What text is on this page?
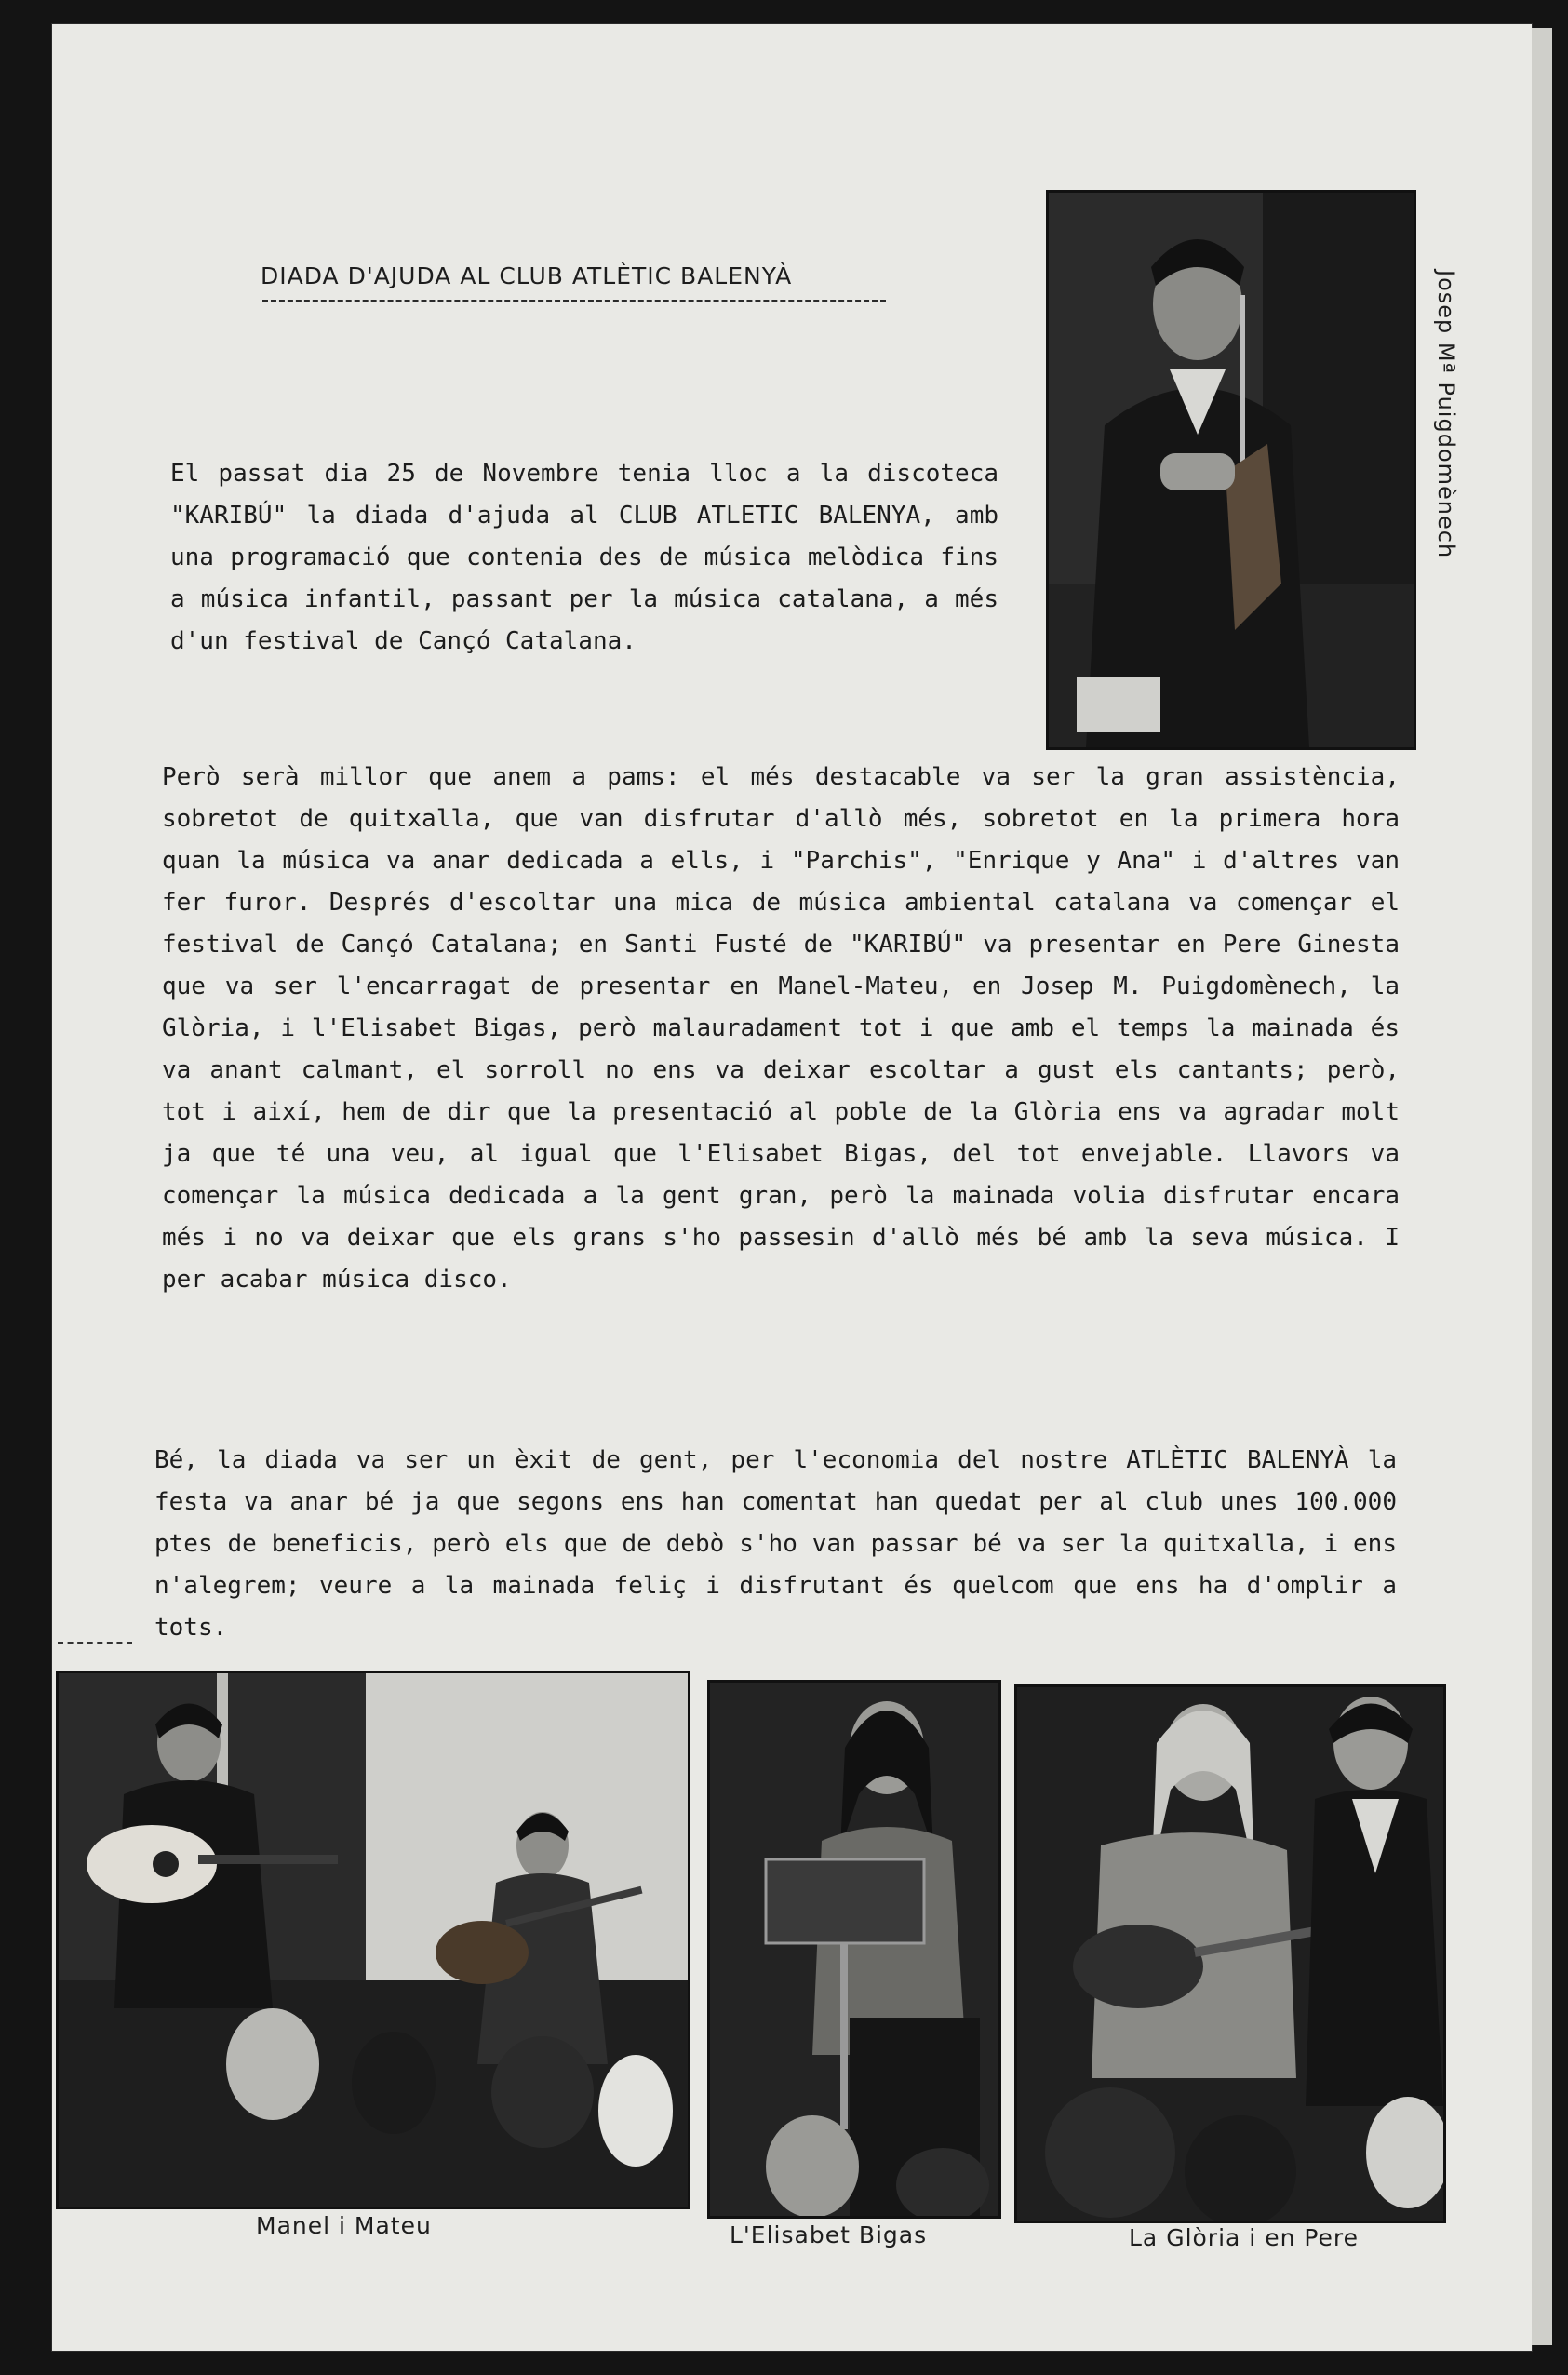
DIADA D'AJUDA AL CLUB ATLÈTIC BALENYÀ	Josep Mª Puigdomènech

El passat dia 25 de Novembre tenia lloc a la discoteca "KARIBÚ" la diada d'ajuda al CLUB ATLETIC BALENYA, amb una programació que contenia des de música melòdica fins a música infantil, passant per la música catalana, a més d'un festival de Cançó Catalana.

Però serà millor que anem a pams: el més destacable va ser la gran assistència, sobretot de quitxalla, que van disfrutar d'allò més, sobretot en la primera hora quan la música va anar dedicada a ells, i "Parchis", "Enrique y Ana" i d'altres van fer furor. Després d'escoltar una mica de música ambiental catalana va començar el festival de Cançó Catalana; en Santi Fusté de "KARIBÚ" va presentar en Pere Ginesta que va ser l'encarragat de presentar en Manel-Mateu, en Josep M. Puigdomènech, la Glòria, i l'Elisabet Bigas, però malauradament tot i que amb el temps la mainada és va anant calmant, el sorroll no ens va deixar escoltar a gust els cantants; però, tot i així, hem de dir que la presentació al poble de la Glòria ens va agradar molt ja que té una veu, al igual que l'Elisabet Bigas, del tot envejable. Llavors va començar la música dedicada a la gent gran, però la mainada volia disfrutar encara més i no va deixar que els grans s'ho passesin d'allò més bé amb la seva música. I per acabar música disco.

Bé, la diada va ser un èxit de gent, per l'economia del nostre ATLÈTIC BALENYÀ la festa va anar bé ja que segons ens han comentat han quedat per al club unes 100.000 ptes de beneficis, però els que de debò s'ho van passar bé va ser la quitxalla, i ens n'alegrem; veure a la mainada feliç i disfrutant és quelcom que ens ha d'omplir a tots.

Manel i Mateu	L'Elisabet Bigas	La Glòria i en Pere
